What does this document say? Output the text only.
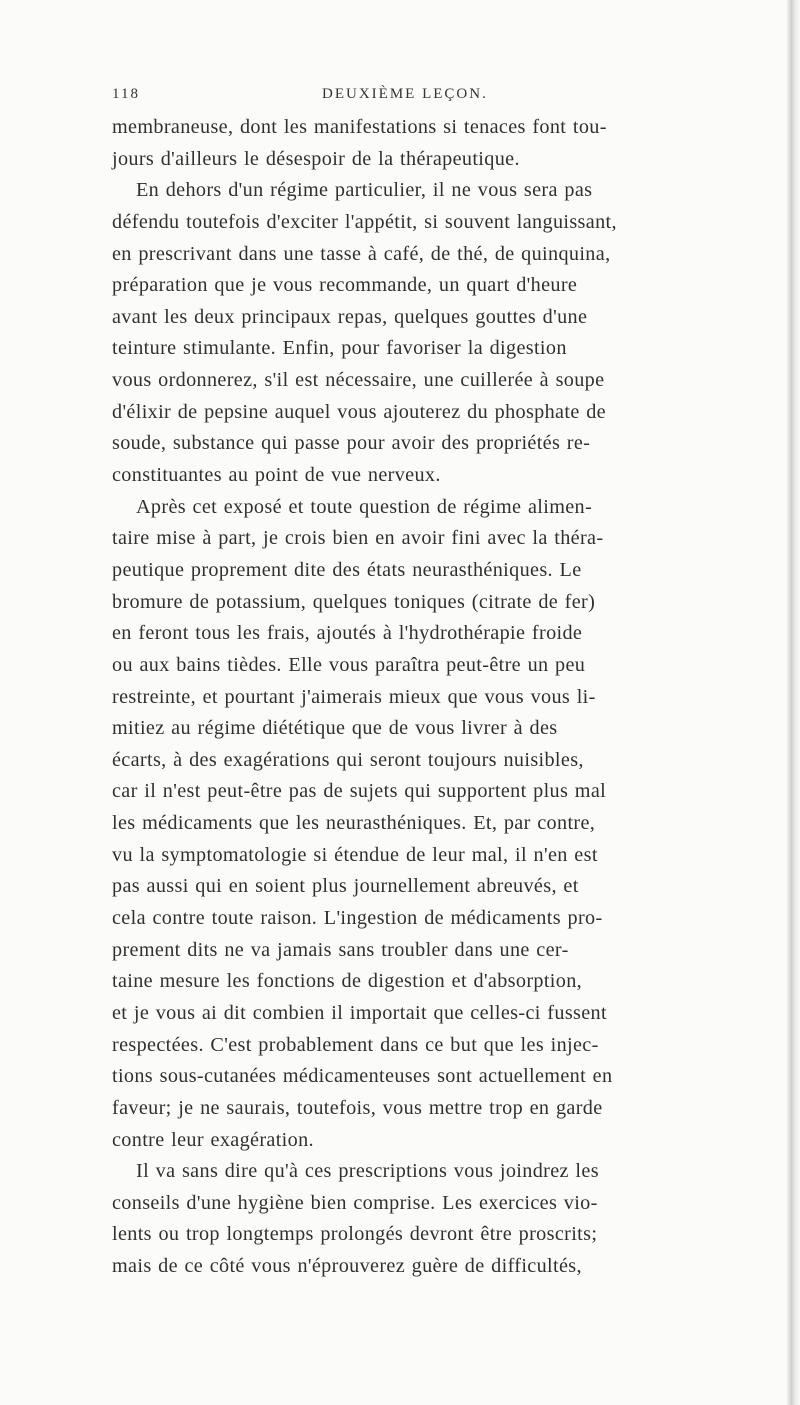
118	DEUXIÈME LEÇON.
membraneuse, dont les manifestations si tenaces font tou-
jours d'ailleurs le désespoir de la thérapeutique.
En dehors d'un régime particulier, il ne vous sera pas
défendu toutefois d'exciter l'appétit, si souvent languissant,
en prescrivant dans une tasse à café, de thé, de quinquina,
préparation que je vous recommande, un quart d'heure
avant les deux principaux repas, quelques gouttes d'une
teinture stimulante. Enfin, pour favoriser la digestion
vous ordonnerez, s'il est nécessaire, une cuillerée à soupe
d'élixir de pepsine auquel vous ajouterez du phosphate de
soude, substance qui passe pour avoir des propriétés re-
constituantes au point de vue nerveux.
Après cet exposé et toute question de régime alimen-
taire mise à part, je crois bien en avoir fini avec la théra-
peutique proprement dite des états neurasthéniques. Le
bromure de potassium, quelques toniques (citrate de fer)
en feront tous les frais, ajoutés à l'hydrothérapie froide
ou aux bains tièdes. Elle vous paraîtra peut-être un peu
restreinte, et pourtant j'aimerais mieux que vous vous li-
mitiez au régime diététique que de vous livrer à des
écarts, à des exagérations qui seront toujours nuisibles,
car il n'est peut-être pas de sujets qui supportent plus mal
les médicaments que les neurasthéniques. Et, par contre,
vu la symptomatologie si étendue de leur mal, il n'en est
pas aussi qui en soient plus journellement abreuvés, et
cela contre toute raison. L'ingestion de médicaments pro-
prement dits ne va jamais sans troubler dans une cer-
taine mesure les fonctions de digestion et d'absorption,
et je vous ai dit combien il importait que celles-ci fussent
respectées. C'est probablement dans ce but que les injec-
tions sous-cutanées médicamenteuses sont actuellement en
faveur; je ne saurais, toutefois, vous mettre trop en garde
contre leur exagération.
Il va sans dire qu'à ces prescriptions vous joindrez les
conseils d'une hygiène bien comprise. Les exercices vio-
lents ou trop longtemps prolongés devront être proscrits;
mais de ce côté vous n'éprouverez guère de difficultés,
